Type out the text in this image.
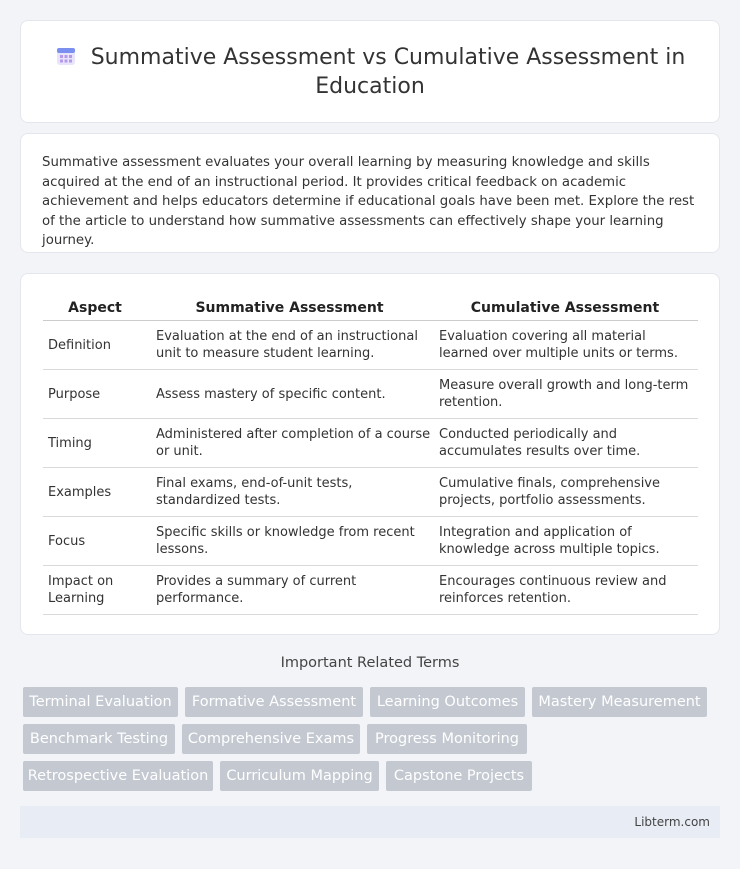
Summative Assessment vs Cumulative Assessment in Education
Summative assessment evaluates your overall learning by measuring knowledge and skills acquired at the end of an instructional period. It provides critical feedback on academic achievement and helps educators determine if educational goals have been met. Explore the rest of the article to understand how summative assessments can effectively shape your learning journey.
Aspect	Summative Assessment	Cumulative Assessment
Definition	Evaluation at the end of an instructional unit to measure student learning.	Evaluation covering all material learned over multiple units or terms.
Purpose	Assess mastery of specific content.	Measure overall growth and long-term retention.
Timing	Administered after completion of a course or unit.	Conducted periodically and accumulates results over time.
Examples	Final exams, end-of-unit tests, standardized tests.	Cumulative finals, comprehensive projects, portfolio assessments.
Focus	Specific skills or knowledge from recent lessons.	Integration and application of knowledge across multiple topics.
Impact on Learning	Provides a summary of current performance.	Encourages continuous review and reinforces retention.
Important Related Terms
Terminal Evaluation	Formative Assessment	Learning Outcomes	Mastery Measurement
Benchmark Testing	Comprehensive Exams	Progress Monitoring
Retrospective Evaluation	Curriculum Mapping	Capstone Projects
Libterm.com
